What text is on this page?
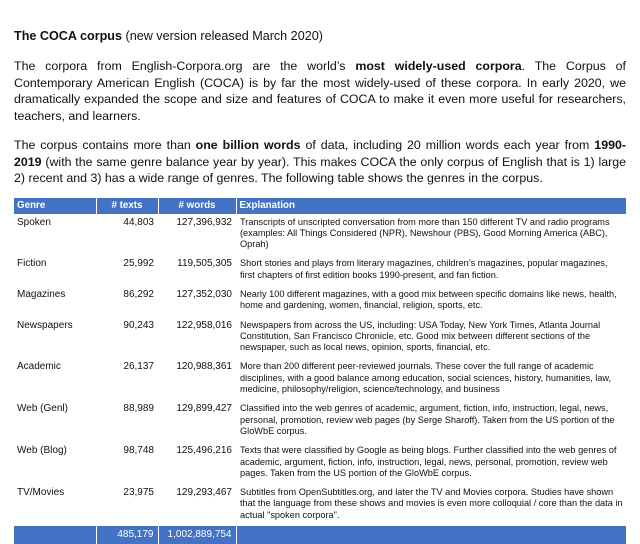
The COCA corpus (new version released March 2020)

The corpora from English-Corpora.org are the world’s most widely-used corpora. The Corpus of Contemporary American English (COCA) is by far the most widely-used of these corpora. In early 2020, we dramatically expanded the scope and size and features of COCA to make it even more useful for researchers, teachers, and learners.

The corpus contains more than one billion words of data, including 20 million words each year from 1990-2019 (with the same genre balance year by year). This makes COCA the only corpus of English that is 1) large 2) recent and 3) has a wide range of genres. The following table shows the genres in the corpus.

Genre	# texts	# words	Explanation
Spoken	44,803	127,396,932	Transcripts of unscripted conversation from more than 150 different TV and radio programs (examples: All Things Considered (NPR), Newshour (PBS), Good Morning America (ABC), Oprah)
Fiction	25,992	119,505,305	Short stories and plays from literary magazines, children’s magazines, popular magazines, first chapters of first edition books 1990-present, and fan fiction.
Magazines	86,292	127,352,030	Nearly 100 different magazines, with a good mix between specific domains like news, health, home and gardening, women, financial, religion, sports, etc.
Newspapers	90,243	122,958,016	Newspapers from across the US, including: USA Today, New York Times, Atlanta Journal Constitution, San Francisco Chronicle, etc. Good mix between different sections of the newspaper, such as local news, opinion, sports, financial, etc.
Academic	26,137	120,988,361	More than 200 different peer-reviewed journals. These cover the full range of academic disciplines, with a good balance among education, social sciences, history, humanities, law, medicine, philosophy/religion, science/technology, and business
Web (Genl)	88,989	129,899,427	Classified into the web genres of academic, argument, fiction, info, instruction, legal, news, personal, promotion, review web pages (by Serge Sharoff). Taken from the US portion of the GloWbE corpus.
Web (Blog)	98,748	125,496,216	Texts that were classified by Google as being blogs. Further classified into the web genres of academic, argument, fiction, info, instruction, legal, news, personal, promotion, review web pages. Taken from the US portion of the GloWbE corpus.
TV/Movies	23,975	129,293,467	Subtitles from OpenSubtitles.org, and later the TV and Movies corpora. Studies have shown that the language from these shows and movies is even more colloquial / core than the data in actual "spoken corpora".
	485,179	1,002,889,754	
